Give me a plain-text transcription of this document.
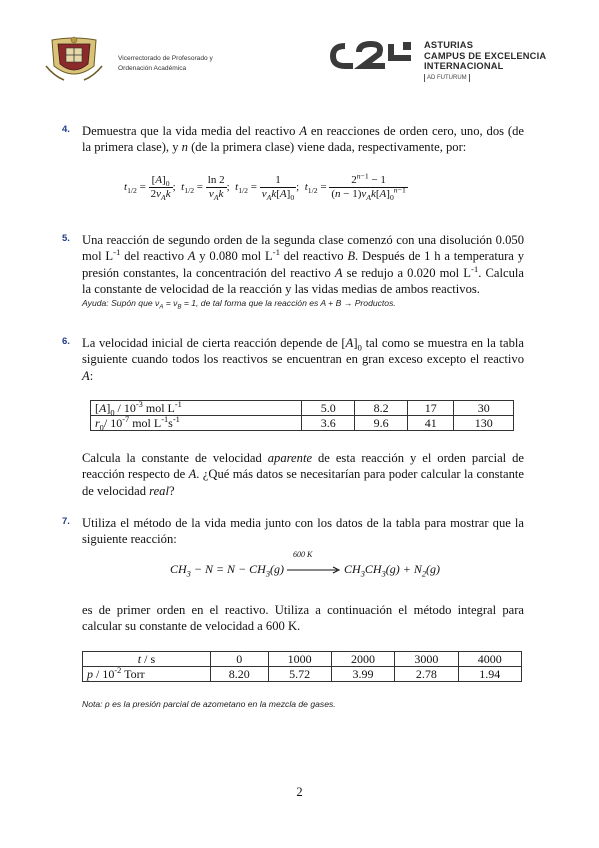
Vicerrectorado de Profesorado y
Ordenación Académica
ASTURIAS
CAMPUS DE EXCELENCIA
INTERNACIONAL
AD FUTURUM
4. Demuestra que la vida media del reactivo A en reacciones de orden cero, uno, dos (de la primera clase), y n (de la primera clase) viene dada, respectivamente, por:

$t_{1/2} = \frac{[A]_0}{2\nu_Ak}$ ;  $t_{1/2} = \frac{\ln 2}{\nu_Ak}$ ;  $t_{1/2} = \frac{1}{\nu_Ak[A]_0}$ ;  $t_{1/2} = \frac{2^{n-1} - 1}{(n - 1)\nu_Ak[A]_0^{n-1}}$
5. Una reacción de segundo orden de la segunda clase comenzó con una disolución 0.050 mol $L^{-1}$ del reactivo A y 0.080 mol $L^{-1}$ del reactivo B. Después de 1 h a temperatura y presión constantes, la concentración del reactivo A se redujo a 0.020 mol $L^{-1}$. Calcula la constante de velocidad de la reacción y las vidas medias de ambos reactivos.

Ayuda: Supón que $\nu_A = \nu_B = 1$, de tal forma que la reacción es A + B → Productos.

6. La velocidad inicial de cierta reacción depende de $[A]_0$ tal como se muestra en la tabla siguiente cuando todos los reactivos se encuentran en gran exceso excepto el reactivo A:

$[A]_0 / 10^{-3}$ mol $L^{-1}$	5.0	8.2	17	30
$r_0/$ $10^{-7}$ mol $L^{-1}s^{-1}$	3.6	9.6	41	130

Calcula la constante de velocidad aparente de esta reacción y el orden parcial de reacción respecto de A. ¿Qué más datos se necesitarían para poder calcular la constante de velocidad real?

7. Utiliza el método de la vida media junto con los datos de la tabla para mostrar que la siguiente reacción:

$CH_3 - N = N - CH_3(g)$
600 K
$CH_3CH_3(g) + N_2(g)$

es de primer orden en el reactivo. Utiliza a continuación el método integral para calcular su constante de velocidad a 600 K.

t / s	0	1000	2000	3000	4000
p / $10^{-2}$ Torr	8.20	5.72	3.99	2.78	1.94
Nota: p es la presión parcial de azometano en la mezcla de gases.
2
